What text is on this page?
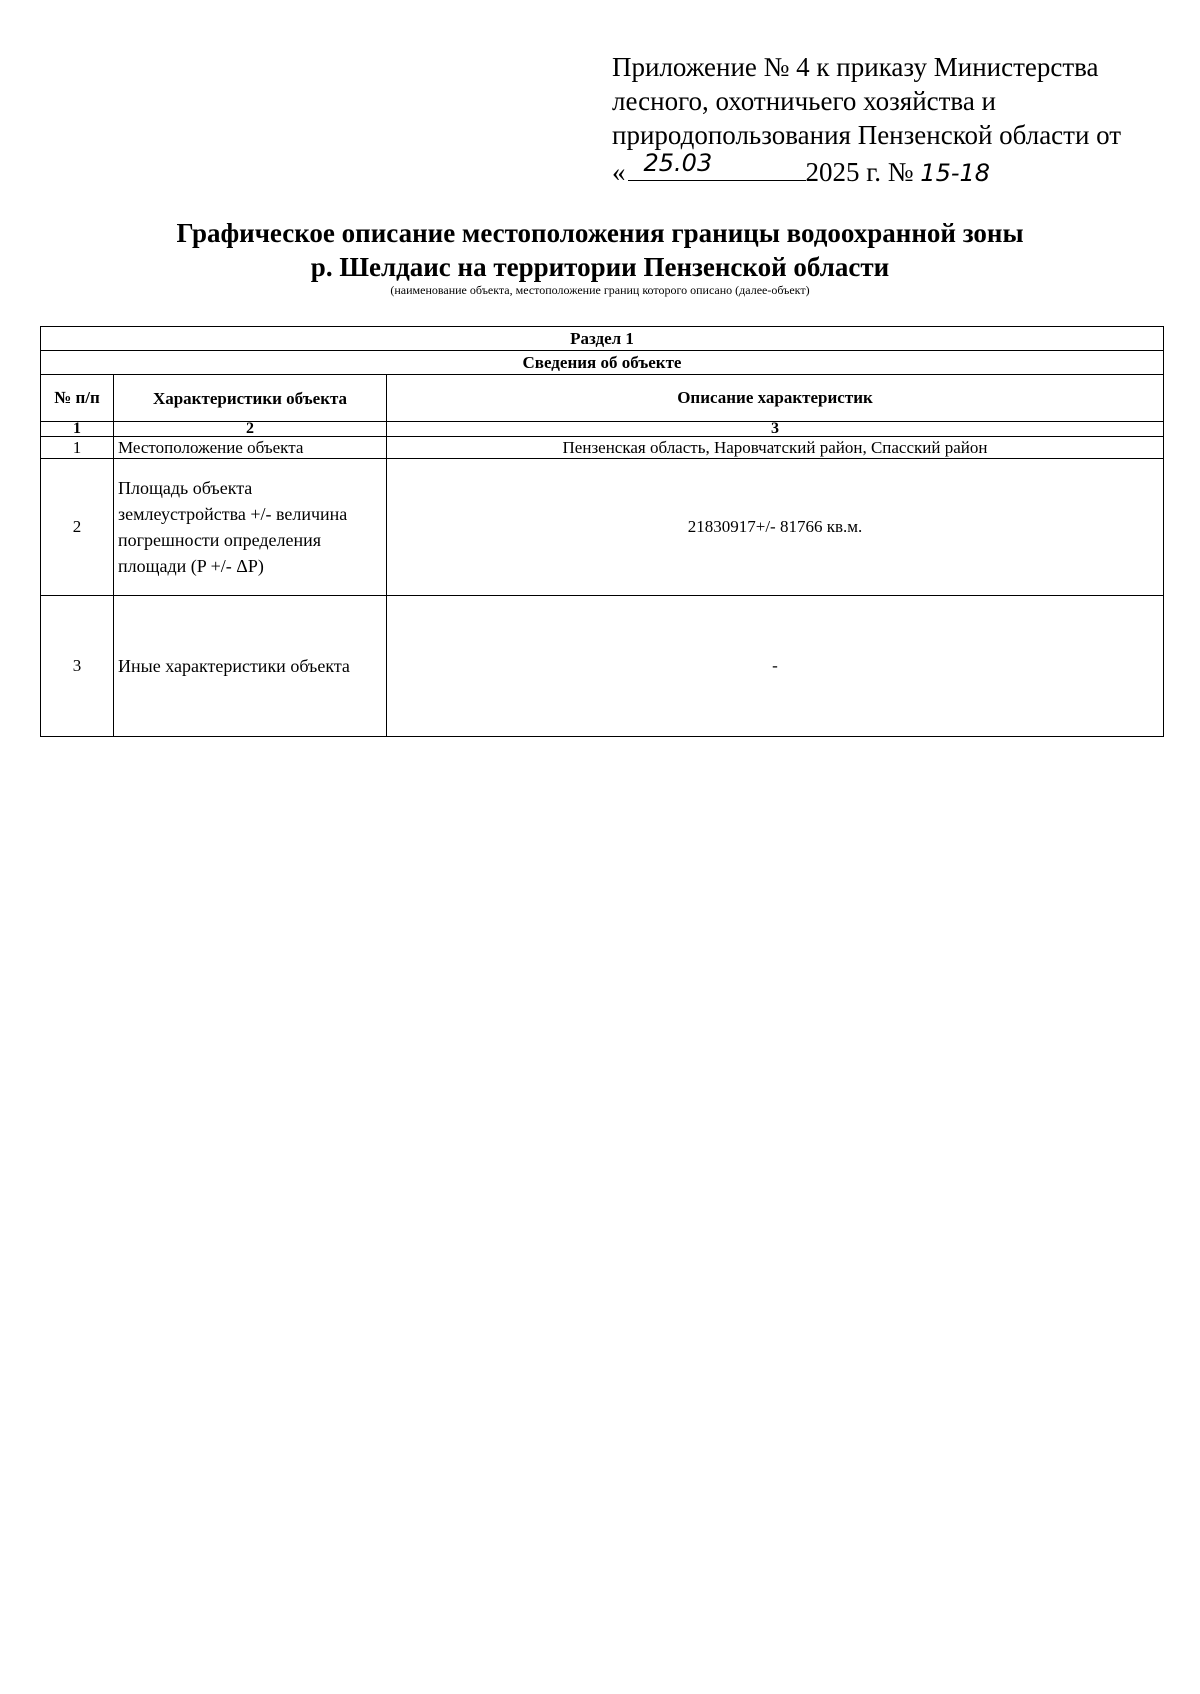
Приложение № 4 к приказу Министерства
лесного, охотничьего хозяйства и
природопользования Пензенской области от
« 25.03	2025 г. № 15-18
Графическое описание местоположения границы водоохранной зоны
р. Шелдаис на территории Пензенской области
(наименование объекта, местоположение границ которого описано (далее-объект)
Раздел 1		
Сведения об объекте		
№ п/п	Характеристики объекта	Описание характеристик
1	2	3
1	Местоположение объекта	Пензенская область, Наровчатский район, Спасский район
2	Площадь объекта землеустройства +/- величина погрешности определения площади (P +/- ΔP)	21830917+/- 81766 кв.м.
3	Иные характеристики объекта	-
